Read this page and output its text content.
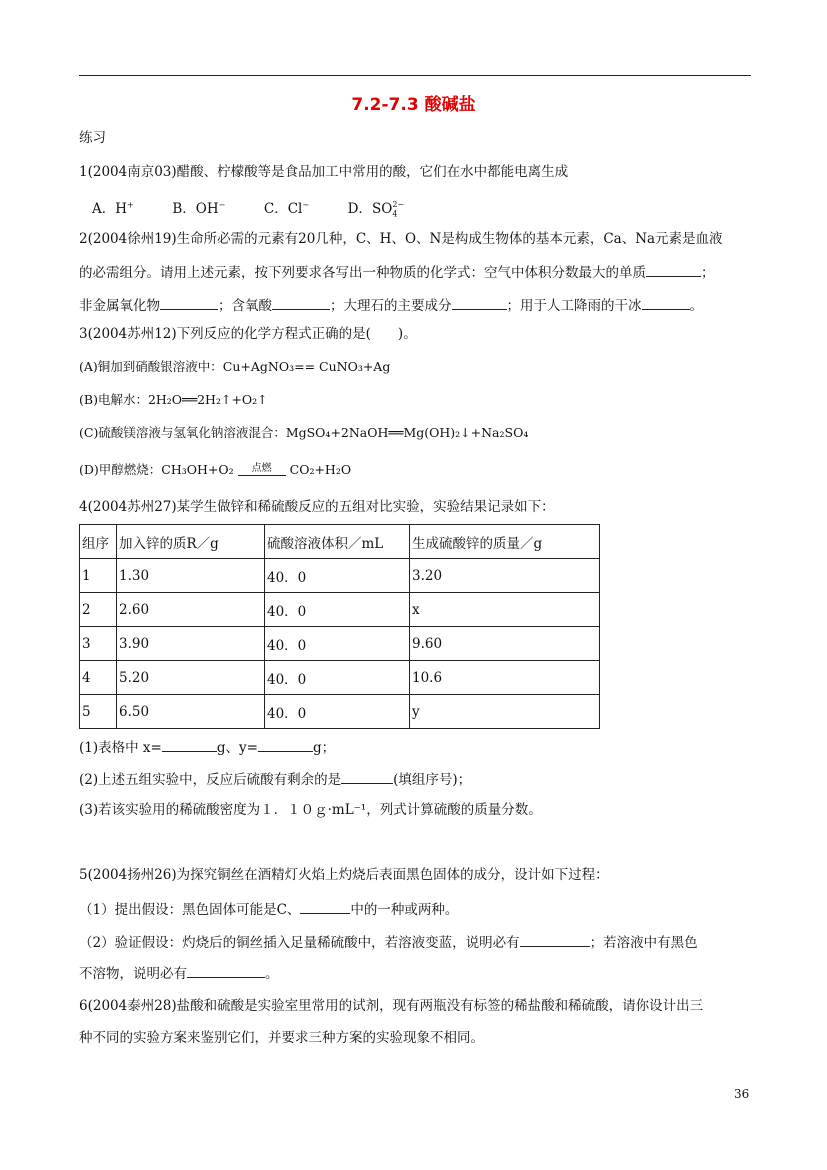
7.2-7.3 酸碱盐
练习
1(2004南京03)醋酸、柠檬酸等是食品加工中常用的酸，它们在水中都能电离生成
A．H+	B．OH−	C．Cl−	D．$SO_4^{2-}$
2(2004徐州19)生命所必需的元素有20几种，C、H、O、N是构成生物体的基本元素，Ca、Na元素是血液
的必需组分。请用上述元素，按下列要求各写出一种物质的化学式：空气中体积分数最大的单质	；
非金属氧化物	；含氧酸	；大理石的主要成分	；用于人工降雨的干冰	。
3(2004苏州12)下列反应的化学方程式正确的是(　　)。
(A)铜加到硝酸银溶液中：Cu+AgNO₃== CuNO₃+Ag
(B)电解水：2H₂O══2H₂↑+O₂↑
(C)硫酸镁溶液与氢氧化钠溶液混合：MgSO₄+2NaOH══Mg(OH)₂↓+Na₂SO₄
(D)甲醇燃烧：CH₃OH+O₂	点燃	CO₂+H₂O
4(2004苏州27)某学生做锌和稀硫酸反应的五组对比实验，实验结果记录如下：
组序	加入锌的质R／g	硫酸溶液体积／mL	生成硫酸锌的质量／g
1	1.30	40．0	3.20
2	2.60	40．0	x
3	3.90	40．0	9.60
4	5.20	40．0	10.6
5	6.50	40．0	y
(1)表格中 x=	g、y=	g；
(2)上述五组实验中，反应后硫酸有剩余的是	(填组序号)；
(3)若该实验用的稀硫酸密度为１．１０ｇ·mL⁻¹，列式计算硫酸的质量分数。
5(2004扬州26)为探究铜丝在酒精灯火焰上灼烧后表面黑色固体的成分，设计如下过程：
（1）提出假设：黑色固体可能是C、	中的一种或两种。
（2）验证假设：灼烧后的铜丝插入足量稀硫酸中，若溶液变蓝，说明必有	；若溶液中有黑色
不溶物，说明必有	。
6(2004泰州28)盐酸和硫酸是实验室里常用的试剂，现有两瓶没有标签的稀盐酸和稀硫酸，请你设计出三
种不同的实验方案来鉴别它们，并要求三种方案的实验现象不相同。
36
